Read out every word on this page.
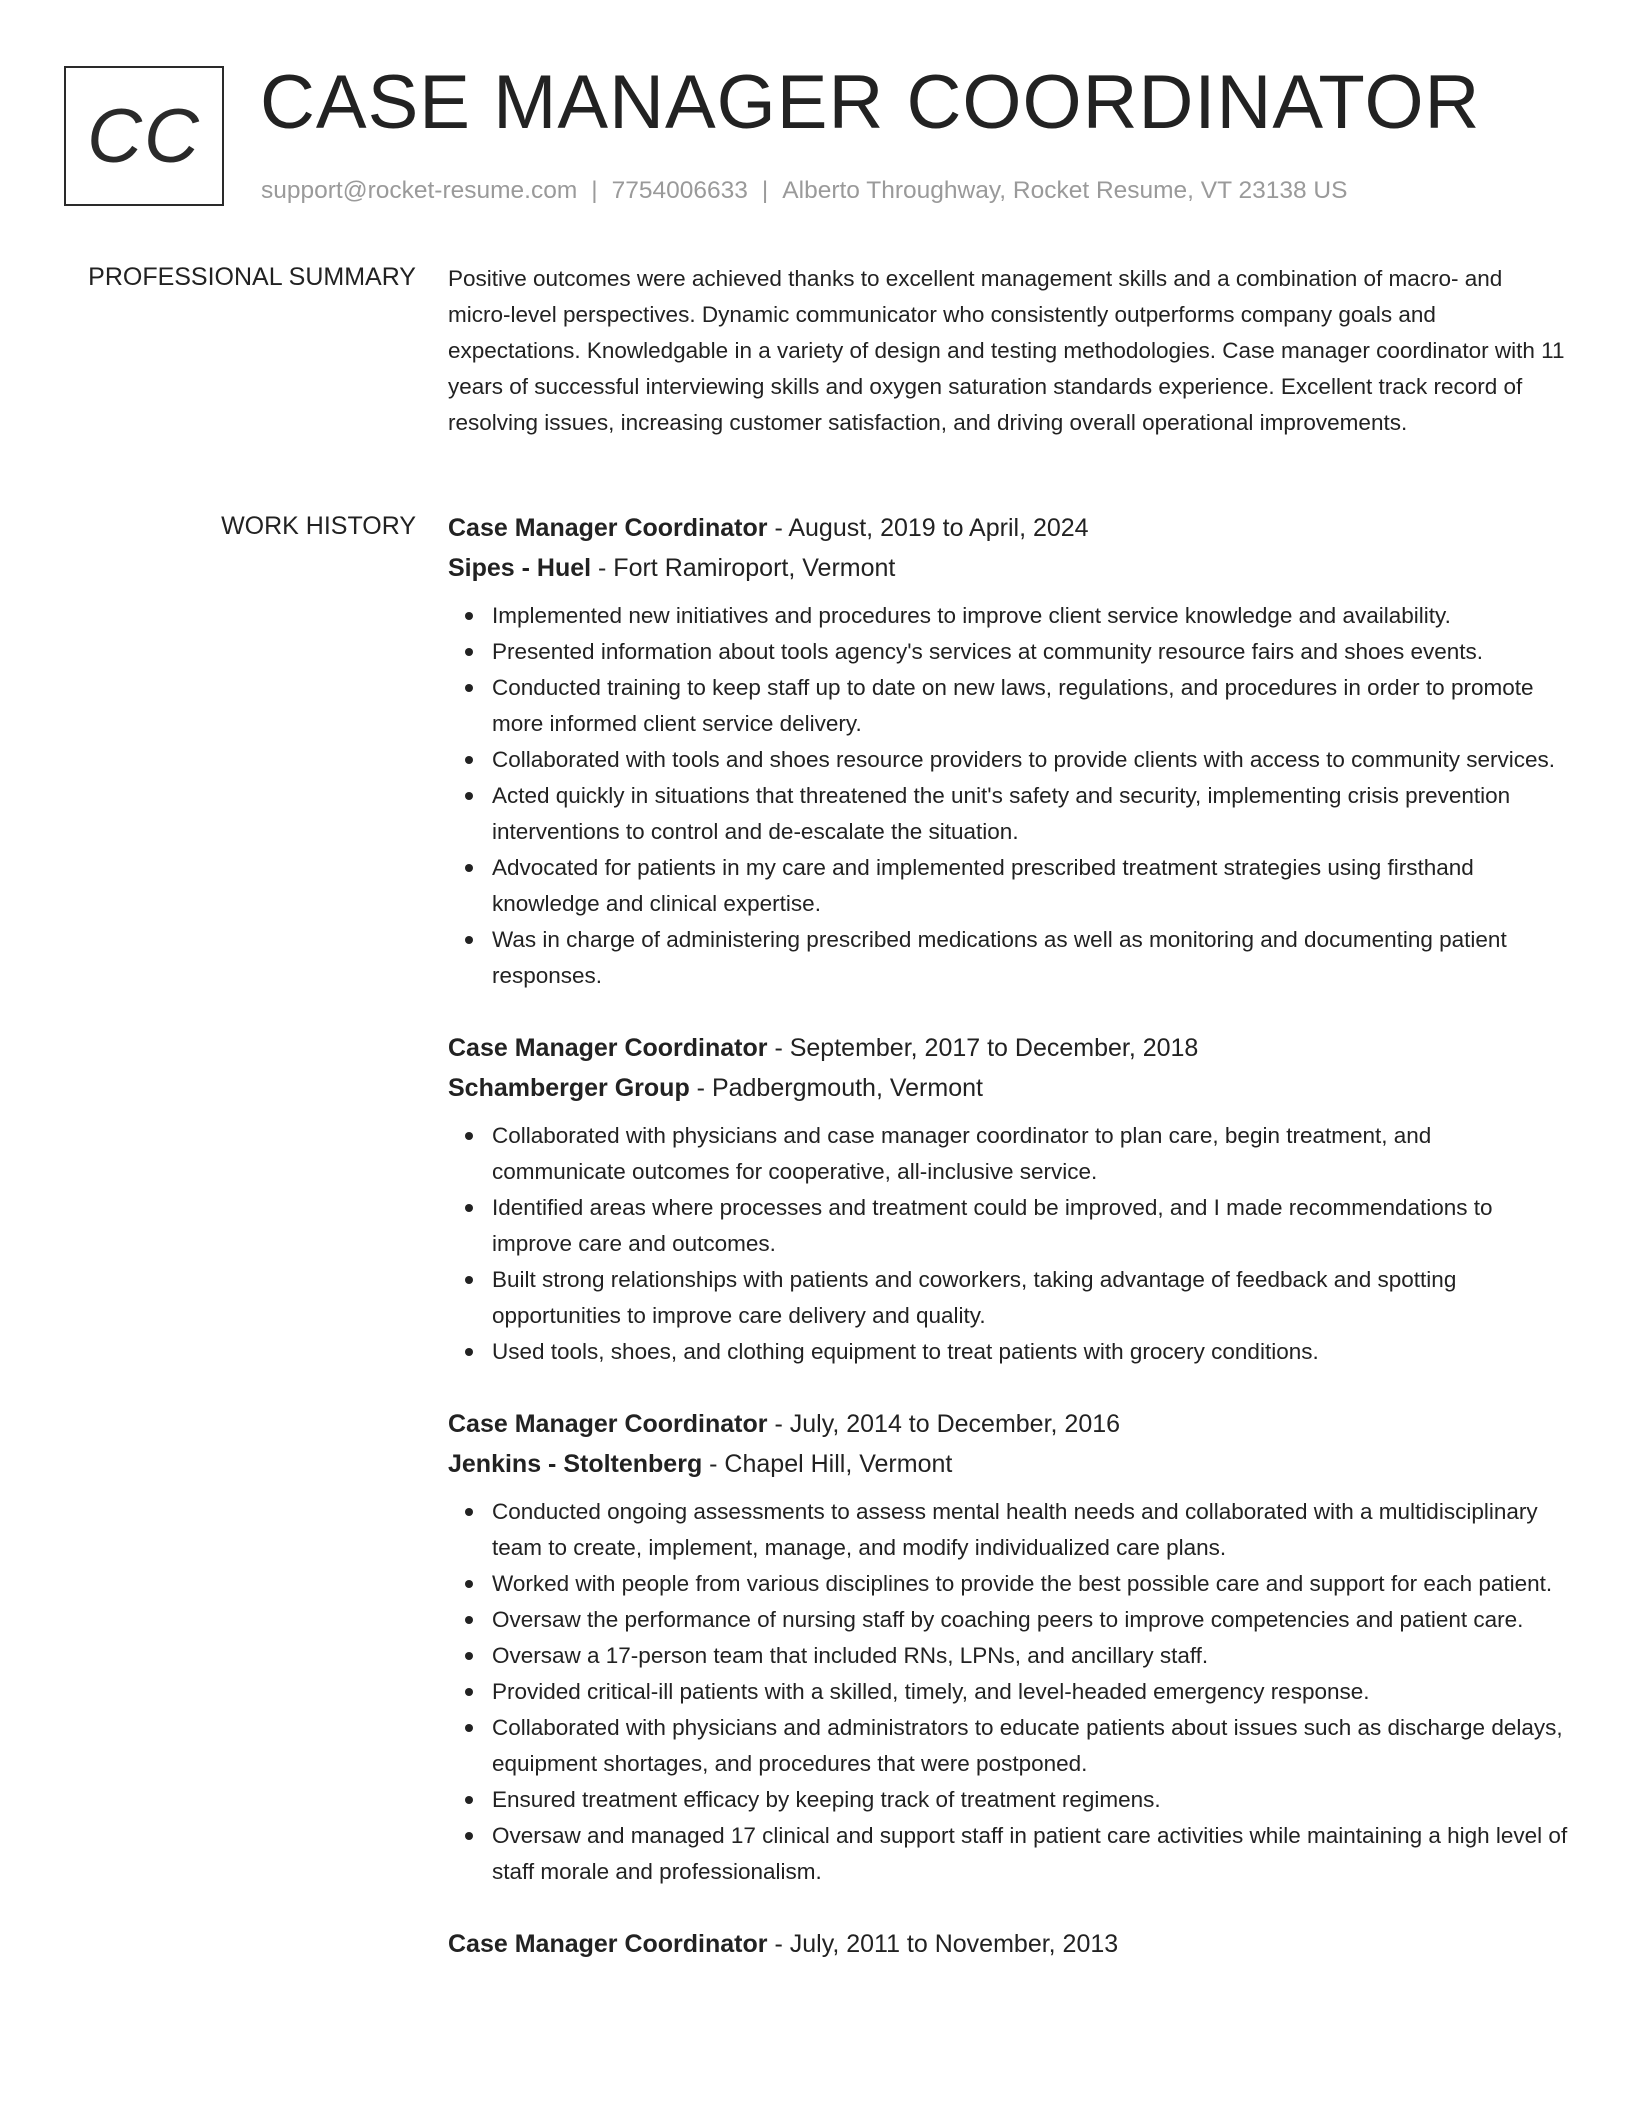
CC CASE MANAGER COORDINATOR
support@rocket-resume.com | 7754006633 | Alberto Throughway, Rocket Resume, VT 23138 US
PROFESSIONAL SUMMARY Positive outcomes were achieved thanks to excellent management skills and a combination of macro- and micro-level perspectives. Dynamic communicator who consistently outperforms company goals and expectations. Knowledgable in a variety of design and testing methodologies. Case manager coordinator with 11 years of successful interviewing skills and oxygen saturation standards experience. Excellent track record of resolving issues, increasing customer satisfaction, and driving overall operational improvements.

WORK HISTORY Case Manager Coordinator - August, 2019 to April, 2024
Sipes - Huel - Fort Ramiroport, Vermont
Implemented new initiatives and procedures to improve client service knowledge and availability.
Presented information about tools agency's services at community resource fairs and shoes events.
Conducted training to keep staff up to date on new laws, regulations, and procedures in order to promote more informed client service delivery.
Collaborated with tools and shoes resource providers to provide clients with access to community services.
Acted quickly in situations that threatened the unit's safety and security, implementing crisis prevention interventions to control and de-escalate the situation.
Advocated for patients in my care and implemented prescribed treatment strategies using firsthand knowledge and clinical expertise.
Was in charge of administering prescribed medications as well as monitoring and documenting patient responses.
Case Manager Coordinator - September, 2017 to December, 2018
Schamberger Group - Padbergmouth, Vermont
Collaborated with physicians and case manager coordinator to plan care, begin treatment, and communicate outcomes for cooperative, all-inclusive service.
Identified areas where processes and treatment could be improved, and I made recommendations to improve care and outcomes.
Built strong relationships with patients and coworkers, taking advantage of feedback and spotting opportunities to improve care delivery and quality.
Used tools, shoes, and clothing equipment to treat patients with grocery conditions.
Case Manager Coordinator - July, 2014 to December, 2016
Jenkins - Stoltenberg - Chapel Hill, Vermont
Conducted ongoing assessments to assess mental health needs and collaborated with a multidisciplinary team to create, implement, manage, and modify individualized care plans.
Worked with people from various disciplines to provide the best possible care and support for each patient.
Oversaw the performance of nursing staff by coaching peers to improve competencies and patient care.
Oversaw a 17-person team that included RNs, LPNs, and ancillary staff.
Provided critical-ill patients with a skilled, timely, and level-headed emergency response.
Collaborated with physicians and administrators to educate patients about issues such as discharge delays, equipment shortages, and procedures that were postponed.
Ensured treatment efficacy by keeping track of treatment regimens.
Oversaw and managed 17 clinical and support staff in patient care activities while maintaining a high level of staff morale and professionalism.
Case Manager Coordinator - July, 2011 to November, 2013
